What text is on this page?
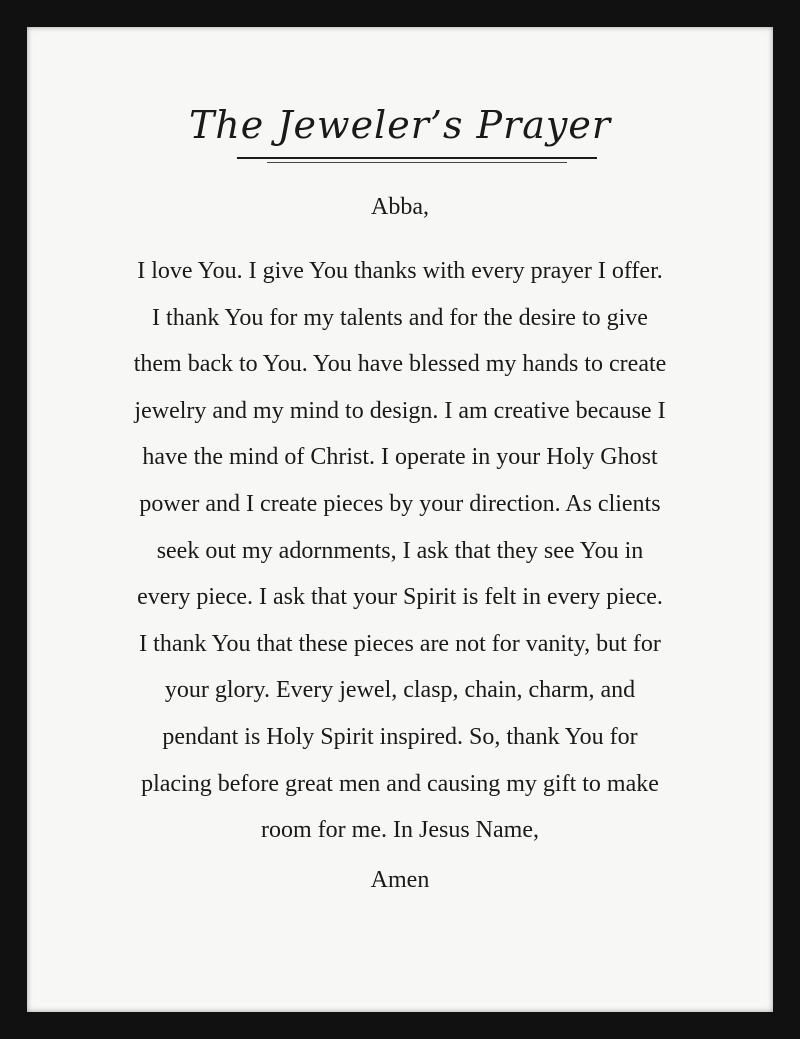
The Jeweler’s Prayer
Abba,
I love You. I give You thanks with every prayer I offer.
I thank You for my talents and for the desire to give
them back to You. You have blessed my hands to create
jewelry and my mind to design. I am creative because I
have the mind of Christ. I operate in your Holy Ghost
power and I create pieces by your direction. As clients
seek out my adornments, I ask that they see You in
every piece. I ask that your Spirit is felt in every piece.
I thank You that these pieces are not for vanity, but for
your glory. Every jewel, clasp, chain, charm, and
pendant is Holy Spirit inspired. So, thank You for
placing before great men and causing my gift to make
room for me. In Jesus Name,
Amen
